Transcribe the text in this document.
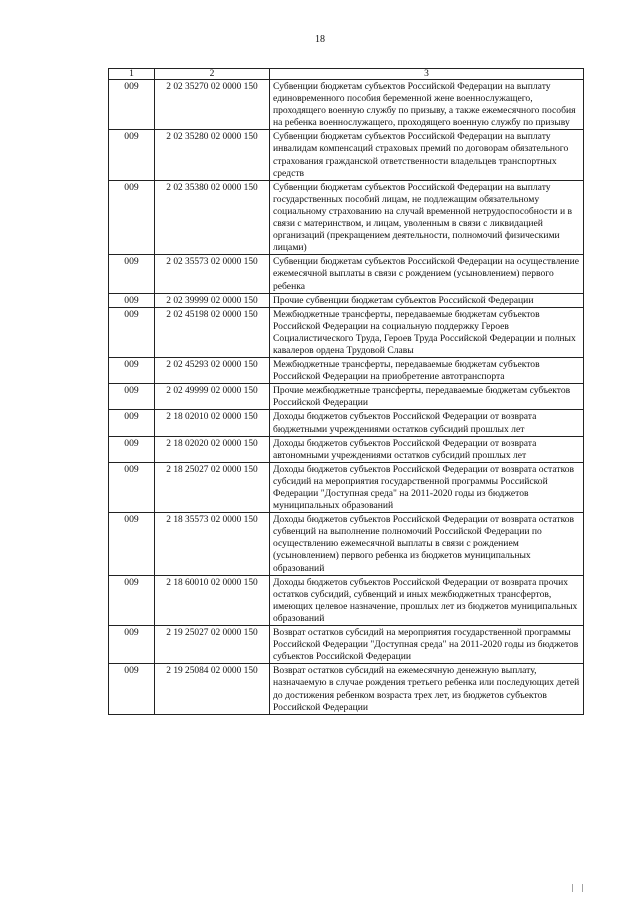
18
1	2	3
009	2 02 35270 02 0000 150	Субвенции бюджетам субъектов Российской Федерации на выплату единовременного пособия беременной жене военнослужащего, проходящего военную службу по призыву, а также ежемесячного пособия на ребенка военнослужащего, проходящего военную службу по призыву
009	2 02 35280 02 0000 150	Субвенции бюджетам субъектов Российской Федерации на выплату инвалидам компенсаций страховых премий по договорам обязательного страхования гражданской ответственности владельцев транспортных средств
009	2 02 35380 02 0000 150	Субвенции бюджетам субъектов Российской Федерации на выплату государственных пособий лицам, не подлежащим обязательному социальному страхованию на случай временной нетрудоспособности и в связи с материнством, и лицам, уволенным в связи с ликвидацией организаций (прекращением деятельности, полномочий физическими лицами)
009	2 02 35573 02 0000 150	Субвенции бюджетам субъектов Российской Федерации на осуществление ежемесячной выплаты в связи с рождением (усыновлением) первого ребенка
009	2 02 39999 02 0000 150	Прочие субвенции бюджетам субъектов Российской Федерации
009	2 02 45198 02 0000 150	Межбюджетные трансферты, передаваемые бюджетам субъектов Российской Федерации на социальную поддержку Героев Социалистического Труда, Героев Труда Российской Федерации и полных кавалеров ордена Трудовой Славы
009	2 02 45293 02 0000 150	Межбюджетные трансферты, передаваемые бюджетам субъектов Российской Федерации на приобретение автотранспорта
009	2 02 49999 02 0000 150	Прочие межбюджетные трансферты, передаваемые бюджетам субъектов Российской Федерации
009	2 18 02010 02 0000 150	Доходы бюджетов субъектов Российской Федерации от возврата бюджетными учреждениями остатков субсидий прошлых лет
009	2 18 02020 02 0000 150	Доходы бюджетов субъектов Российской Федерации от возврата автономными учреждениями остатков субсидий прошлых лет
009	2 18 25027 02 0000 150	Доходы бюджетов субъектов Российской Федерации от возврата остатков субсидий на мероприятия государственной программы Российской Федерации "Доступная среда" на 2011-2020 годы из бюджетов муниципальных образований
009	2 18 35573 02 0000 150	Доходы бюджетов субъектов Российской Федерации от возврата остатков субвенций на выполнение полномочий Российской Федерации по осуществлению ежемесячной выплаты в связи с рождением (усыновлением) первого ребенка из бюджетов муниципальных образований
009	2 18 60010 02 0000 150	Доходы бюджетов субъектов Российской Федерации от возврата прочих остатков субсидий, субвенций и иных межбюджетных трансфертов, имеющих целевое назначение, прошлых лет из бюджетов муниципальных образований
009	2 19 25027 02 0000 150	Возврат остатков субсидий на мероприятия государственной программы Российской Федерации "Доступная среда" на 2011-2020 годы из бюджетов субъектов Российской Федерации
009	2 19 25084 02 0000 150	Возврат остатков субсидий на ежемесячную денежную выплату, назначаемую в случае рождения третьего ребенка или последующих детей до достижения ребенком возраста трех лет, из бюджетов субъектов Российской Федерации
| |
